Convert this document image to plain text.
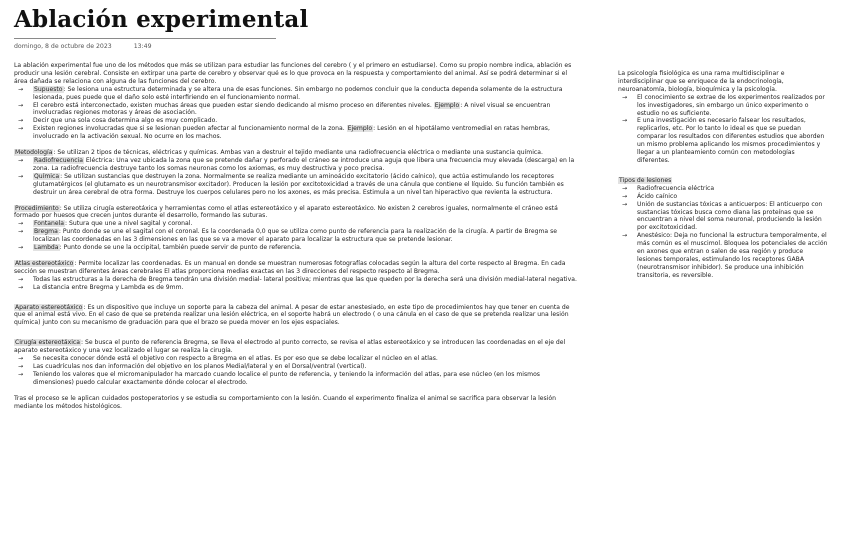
Ablación experimental
domingo, 8 de octubre de 2023	13:49

La ablación experimental fue uno de los métodos que más se utilizan para estudiar las funciones del cerebro ( y el primero en estudiarse). Como su propio nombre indica, ablación es producir una lesión cerebral. Consiste en extirpar una parte de cerebro y observar qué es lo que provoca en la respuesta y comportamiento del animal. Así se podrá determinar si el área dañada se relaciona con alguna de las funciones del cerebro.

→ Supuesto: Se lesiona una estructura determinada y se altera una de esas funciones. Sin embargo no podemos concluir que la conducta dependa solamente de la estructura lesionada, pues puede que el daño solo esté interfiriendo en el funcionamiento normal.
→ El cerebro está interconectado, existen muchas áreas que pueden estar siendo dedicando al mismo proceso en diferentes niveles. Ejemplo: A nivel visual se encuentran involucradas regiones motoras y áreas de asociación.
→ Decir que una sola cosa determina algo es muy complicado.
→ Existen regiones involucradas que si se lesionan pueden afectar al funcionamiento normal de la zona. Ejemplo: Lesión en el hipotálamo ventromedial en ratas hembras, involucrado en la activación sexual. No ocurre en los machos.

Metodología: Se utilizan 2 tipos de técnicas, eléctricas y químicas. Ambas van a destruir el tejido mediante una radiofrecuencia eléctrica o mediante una sustancia química.

→ Radiofrecuencia Eléctrica: Una vez ubicada la zona que se pretende dañar y perforado el cráneo se introduce una aguja que libera una frecuencia muy elevada (descarga) en la zona. La radiofrecuencia destruye tanto los somas neuronas como los axiomas, es muy destructiva y poco precisa.
→ Química: Se utilizan sustancias que destruyen la zona. Normalmente se realiza mediante un aminoácido excitatorio (ácido caínico), que actúa estimulando los receptores glutamatérgicos (el glutamato es un neurotransmisor excitador). Producen la lesión por excitotoxicidad a través de una cánula que contiene el líquido. Su función también es destruir un área cerebral de otra forma. Destruye los cuerpos celulares pero no los axones, es más precisa. Estimula a un nivel tan hiperactivo que revienta la estructura.

Procedimiento: Se utiliza cirugía estereotáxica y herramientas como el atlas estereotáxico y el aparato estereotáxico. No existen 2 cerebros iguales, normalmente el cráneo está formado por huesos que crecen juntos durante el desarrollo, formando las suturas.

→ Fontanela: Sutura que une a nivel sagital y coronal.
→ Bregma: Punto donde se une el sagital con el coronal. Es la coordenada 0,0 que se utiliza como punto de referencia para la realización de la cirugía. A partir de Bregma se localizan las coordenadas en las 3 dimensiones en las que se va a mover el aparato para localizar la estructura que se pretende lesionar.
→ Lambda: Punto donde se une la occipital, también puede servir de punto de referencia.

Atlas estereotáxico: Permite localizar las coordenadas. Es un manual en donde se muestran numerosas fotografías colocadas según la altura del corte respecto al Bregma. En cada sección se muestran diferentes áreas cerebrales El atlas proporciona medias exactas en las 3 direcciones del respecto respecto al Bregma.

→ Todas las estructuras a la derecha de Bregma tendrán una división medial- lateral positiva; mientras que las que queden por la derecha será una división medial-lateral negativa.
→ La distancia entre Bregma y Lambda es de 9mm.

Aparato estereotáxico: Es un dispositivo que incluye un soporte para la cabeza del animal. A pesar de estar anestesiado, en este tipo de procedimientos hay que tener en cuenta de que el animal está vivo. En el caso de que se pretenda realizar una lesión eléctrica, en el soporte habrá un electrodo ( o una cánula en el caso de que se pretenda realizar una lesión química) junto con su mecanismo de graduación para que el brazo se pueda mover en los ejes espaciales.

Cirugía estereotáxica: Se busca el punto de referencia Bregma, se lleva el electrodo al punto correcto, se revisa el atlas estereotáxico y se introducen las coordenadas en el eje del aparato estereotáxico y una vez localizado el lugar se realiza la cirugía.

→ Se necesita conocer dónde está el objetivo con respecto a Bregma en el atlas. Es por eso que se debe localizar el núcleo en el atlas.
→ Las cuadrículas nos dan información del objetivo en los planos Medial/lateral y en el Dorsal/ventral (vertical).
→ Teniendo los valores que el micromanipulador ha marcado cuando localice el punto de referencia, y teniendo la información del atlas, para ese núcleo (en los mismos dimensiones) puedo calcular exactamente dónde colocar el electrodo.

Tras el proceso se le aplican cuidados postoperatorios y se estudia su comportamiento con la lesión. Cuando el experimento finaliza el animal se sacrifica para observar la lesión mediante los métodos histológicos.

La psicología fisiológica es una rama multidisciplinar e interdisciplinar que se enriquece de la endocrinología, neuroanatomía, biología, bioquímica y la psicología.

→ El conocimiento se extrae de los experimentos realizados por los investigadores, sin embargo un único experimento o estudio no es suficiente.
→ E una investigación es necesario falsear los resultados, replicarlos, etc. Por lo tanto lo ideal es que se puedan comparar los resultados con diferentes estudios que aborden un mismo problema aplicando los mismos procedimientos y llegar a un planteamiento común con metodologías diferentes.

Tipos de lesiones

→ Radiofrecuencia eléctrica
→ Ácido caínico
→ Unión de sustancias tóxicas a anticuerpos: El anticuerpo con sustancias tóxicas busca como diana las proteínas que se encuentran a nivel del soma neuronal, produciendo la lesión por excitotoxicidad.
→ Anestésico: Deja no funcional la estructura temporalmente, el más común es el muscimol. Bloquea los potenciales de acción en axones que entran o salen de esa región y produce lesiones temporales, estimulando los receptores GABA (neurotransmisor inhibidor). Se produce una inhibición transitoria, es reversible.
